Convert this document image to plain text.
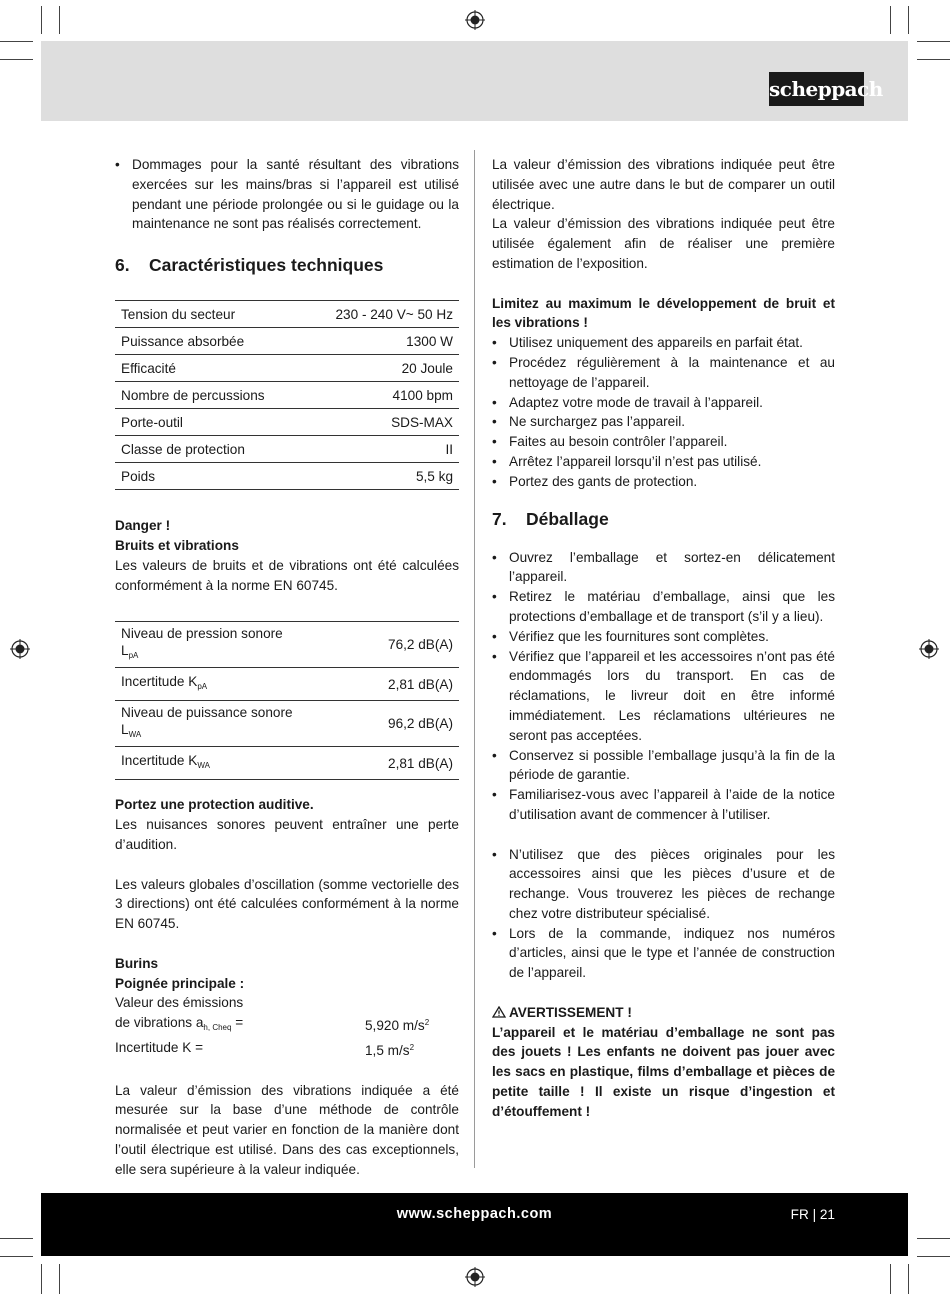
scheppach

• Dommages pour la santé résultant des vibrations exercées sur les mains/bras si l’appareil est utilisé pendant une période prolongée ou si le guidage ou la maintenance ne sont pas réalisés correctement.

6. Caractéristiques techniques
Tension du secteur	230 - 240 V~ 50 Hz
Puissance absorbée	1300 W
Efficacité	20 Joule
Nombre de percussions	4100 bpm
Porte-outil	SDS-MAX
Classe de protection	II
Poids	5,5 kg

Danger !

Bruits et vibrations

Les valeurs de bruits et de vibrations ont été calculées conformément à la norme EN 60745.

Niveau de pression sonore
$L_{pA}$	76,2 dB(A)
Incertitude $K_{pA}$	2,81 dB(A)
Niveau de puissance sonore
$L_{WA}$	96,2 dB(A)
Incertitude $K_{WA}$	2,81 dB(A)

Portez une protection auditive.

Les nuisances sonores peuvent entraîner une perte d’audition.

Les valeurs globales d’oscillation (somme vectorielle des 3 directions) ont été calculées conformément à la norme EN 60745.

Burins

Poignée principale :

Valeur des émissions

de vibrations $a_{h, Cheq}$ =	5,920 $m/s^2$
Incertitude K =	1,5 $m/s^2$

La valeur d’émission des vibrations indiquée a été mesurée sur la base d’une méthode de contrôle normalisée et peut varier en fonction de la manière dont l’outil électrique est utilisé. Dans des cas exceptionnels, elle sera supérieure à la valeur indiquée.

La valeur d’émission des vibrations indiquée peut être utilisée avec une autre dans le but de comparer un outil électrique.

La valeur d’émission des vibrations indiquée peut être utilisée également afin de réaliser une première estimation de l’exposition.

Limitez au maximum le développement de bruit et les vibrations !

• Utilisez uniquement des appareils en parfait état.

• Procédez régulièrement à la maintenance et au nettoyage de l’appareil.

• Adaptez votre mode de travail à l’appareil.

• Ne surchargez pas l’appareil.

• Faites au besoin contrôler l’appareil.

• Arrêtez l’appareil lorsqu’il n’est pas utilisé.

• Portez des gants de protection.

7. Déballage

• Ouvrez l’emballage et sortez-en délicatement l’appareil.

• Retirez le matériau d’emballage, ainsi que les protections d’emballage et de transport (s’il y a lieu).

• Vérifiez que les fournitures sont complètes.

• Vérifiez que l’appareil et les accessoires n’ont pas été endommagés lors du transport. En cas de réclamations, le livreur doit en être informé immédiatement. Les réclamations ultérieures ne seront pas acceptées.

• Conservez si possible l’emballage jusqu’à la fin de la période de garantie.

• Familiarisez-vous avec l’appareil à l’aide de la notice d’utilisation avant de commencer à l’utiliser.

• N’utilisez que des pièces originales pour les accessoires ainsi que les pièces d’usure et de rechange. Vous trouverez les pièces de rechange chez votre distributeur spécialisé.

• Lors de la commande, indiquez nos numéros d’articles, ainsi que le type et l’année de construction de l’appareil.

AVERTISSEMENT !

L’appareil et le matériau d’emballage ne sont pas des jouets ! Les enfants ne doivent pas jouer avec les sacs en plastique, films d’emballage et pièces de petite taille ! Il existe un risque d’ingestion et d’étouffement !

www.scheppach.com	FR | 21
